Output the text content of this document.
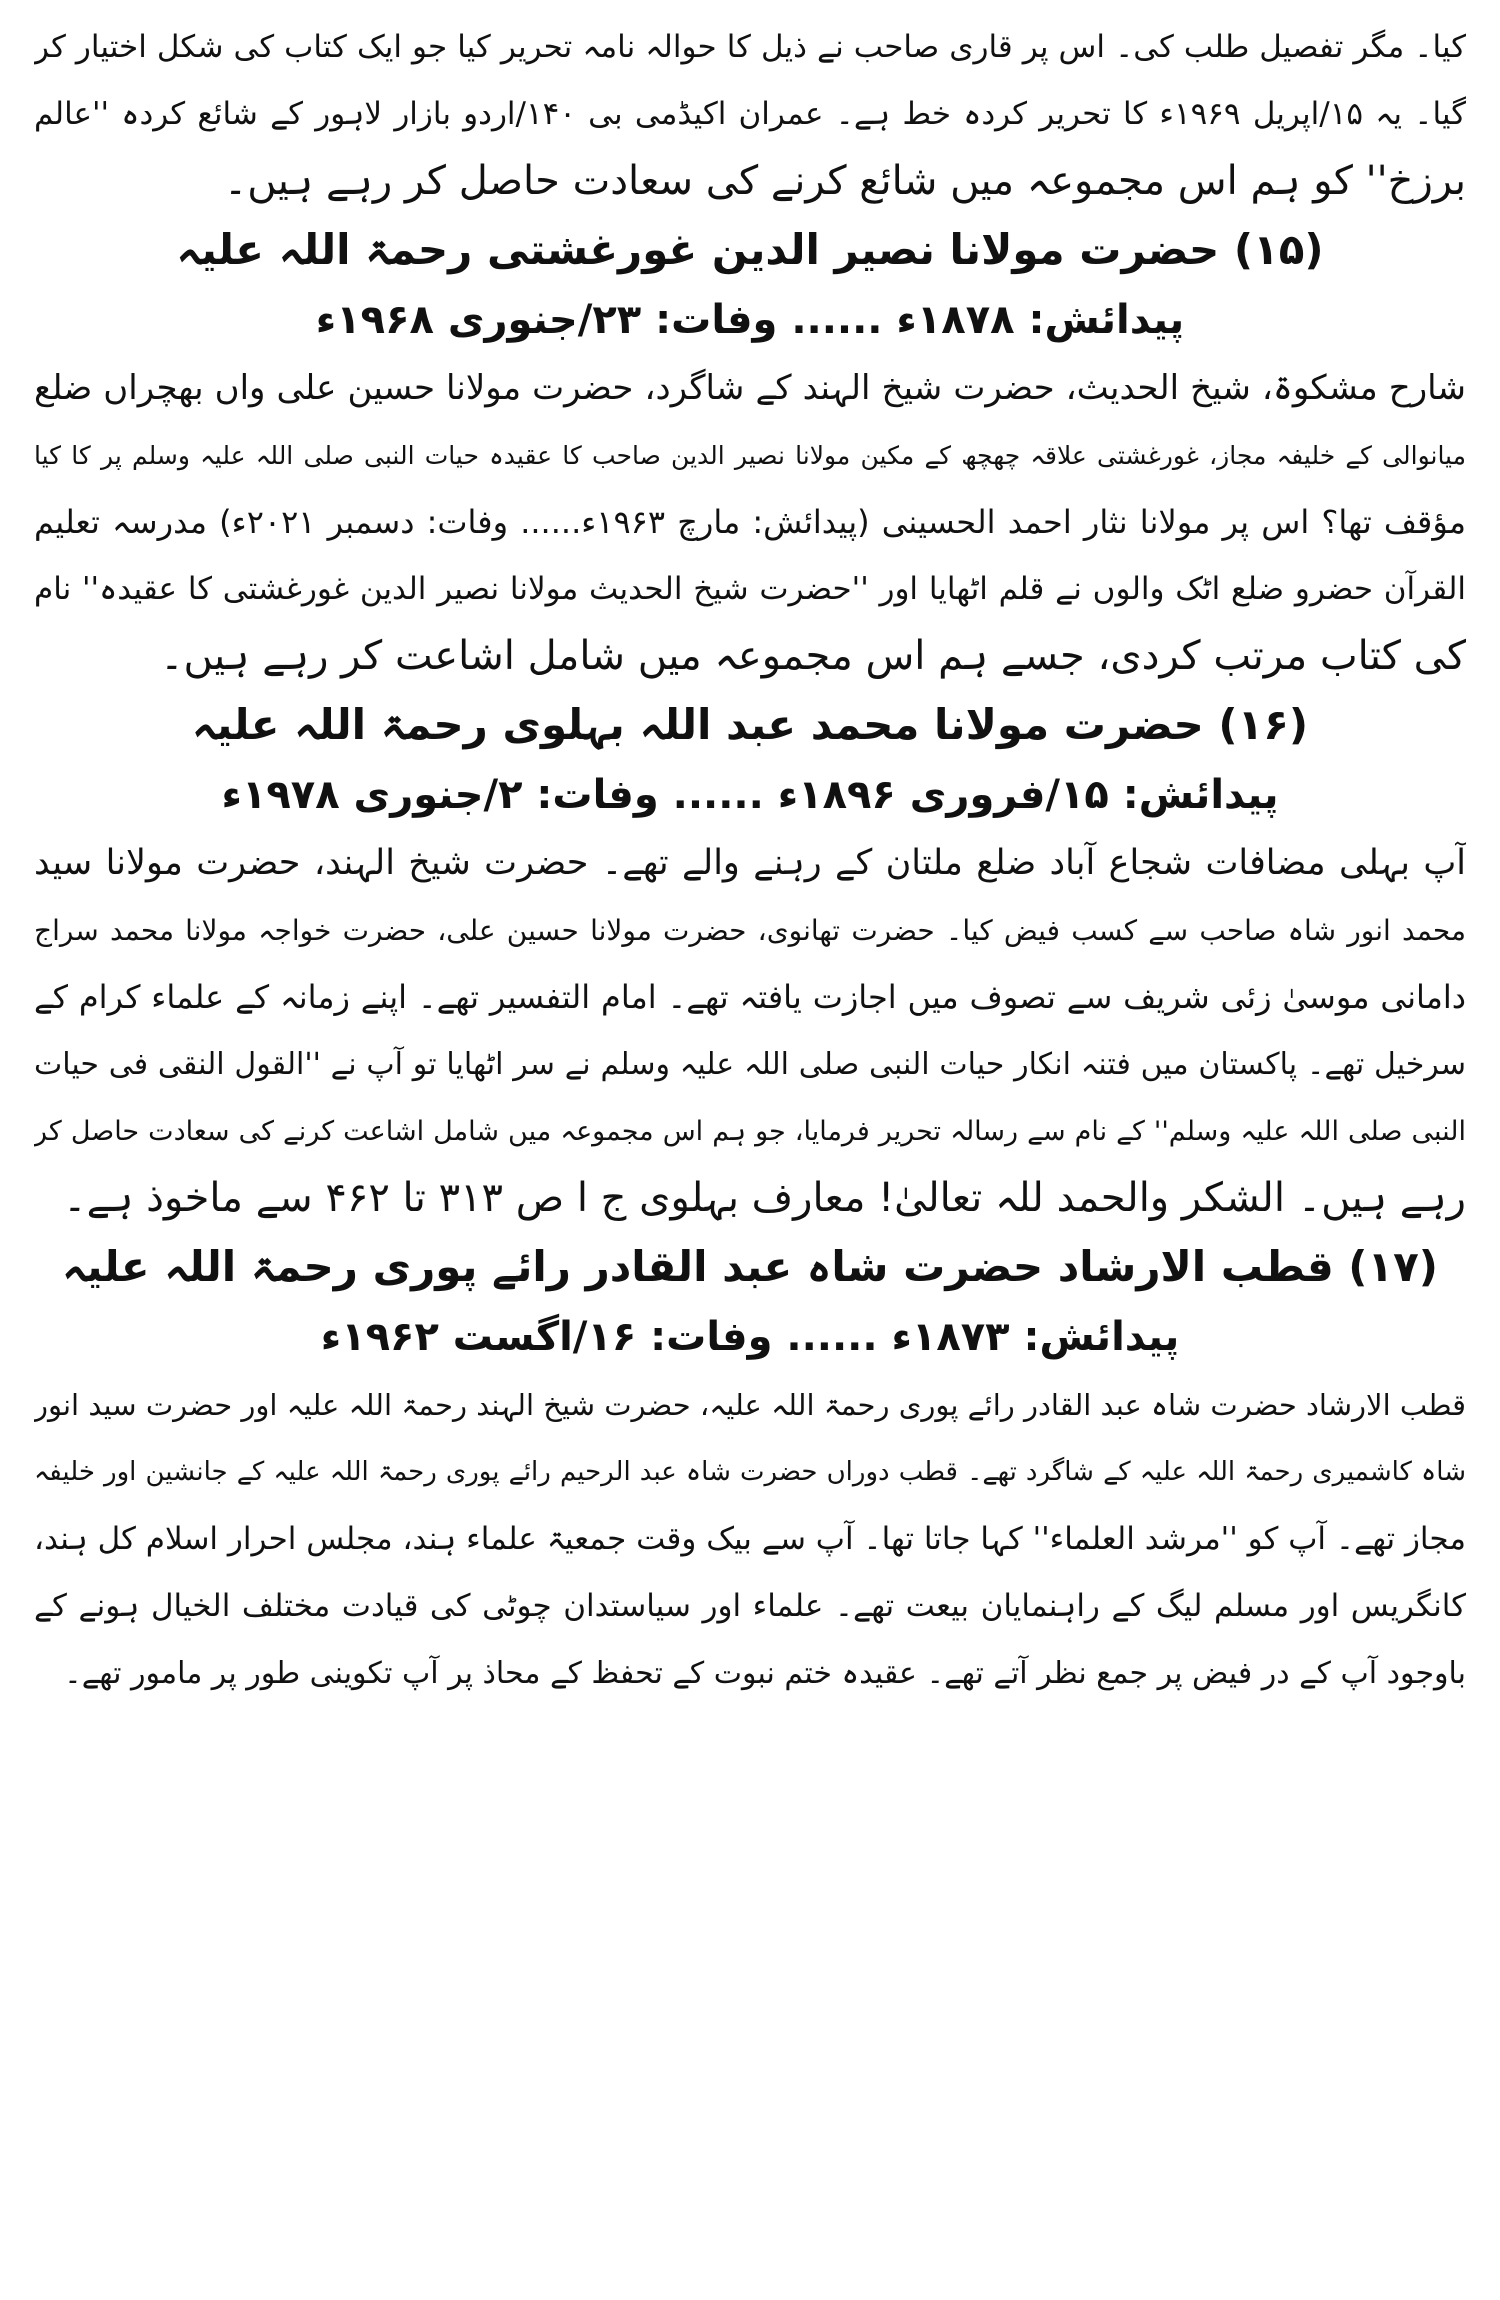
کیا۔ مگر تفصیل طلب کی۔ اس پر قاری صاحب نے ذیل کا حوالہ نامہ تحریر کیا جو ایک کتاب کی شکل اختیار کر

گیا۔ یہ ۱۵/اپریل ۱۹۶۹ء کا تحریر کردہ خط ہے۔ عمران اکیڈمی بی ۱۴۰/اردو بازار لاہور کے شائع کردہ ''عالم

برزخ'' کو ہم اس مجموعہ میں شائع کرنے کی سعادت حاصل کر رہے ہیں۔

(۱۵) حضرت مولانا نصیر الدین غورغشتی رحمۃ اللہ علیہ
پیدائش: ۱۸۷۸ء ...... وفات: ۲۳/جنوری ۱۹۶۸ء

شارح مشکوۃ، شیخ الحدیث، حضرت شیخ الہند کے شاگرد، حضرت مولانا حسین علی واں بھچراں ضلع

میانوالی کے خلیفہ مجاز، غورغشتی علاقہ چھچھ کے مکین مولانا نصیر الدین صاحب کا عقیدہ حیات النبی صلی اللہ علیہ وسلم پر کا کیا

مؤقف تھا؟ اس پر مولانا نثار احمد الحسینی (پیدائش: مارچ ۱۹۶۳ء...... وفات: دسمبر ۲۰۲۱ء) مدرسہ تعلیم

القرآن حضرو ضلع اٹک والوں نے قلم اٹھایا اور ''حضرت شیخ الحدیث مولانا نصیر الدین غورغشتی کا عقیدہ'' نام

کی کتاب مرتب کردی، جسے ہم اس مجموعہ میں شامل اشاعت کر رہے ہیں۔

(۱۶) حضرت مولانا محمد عبد اللہ بہلوی رحمۃ اللہ علیہ
پیدائش: ۱۵/فروری ۱۸۹۶ء ...... وفات: ۲/جنوری ۱۹۷۸ء

آپ بہلی مضافات شجاع آباد ضلع ملتان کے رہنے والے تھے۔ حضرت شیخ الہند، حضرت مولانا سید

محمد انور شاہ صاحب سے کسب فیض کیا۔ حضرت تھانوی، حضرت مولانا حسین علی، حضرت خواجہ مولانا محمد سراج

دامانی موسیٰ زئی شریف سے تصوف میں اجازت یافتہ تھے۔ امام التفسیر تھے۔ اپنے زمانہ کے علماء کرام کے

سرخیل تھے۔ پاکستان میں فتنہ انکار حیات النبی صلی اللہ علیہ وسلم نے سر اٹھایا تو آپ نے ''القول النقی فی حیات

النبی صلی اللہ علیہ وسلم'' کے نام سے رسالہ تحریر فرمایا، جو ہم اس مجموعہ میں شامل اشاعت کرنے کی سعادت حاصل کر

رہے ہیں۔ الشکر والحمد للہ تعالیٰ! معارف بہلوی ج ا ص ۳۱۳ تا ۴۶۲ سے ماخوذ ہے۔

(۱۷) قطب الارشاد حضرت شاہ عبد القادر رائے پوری رحمۃ اللہ علیہ
پیدائش: ۱۸۷۳ء ...... وفات: ۱۶/اگست ۱۹۶۲ء

قطب الارشاد حضرت شاہ عبد القادر رائے پوری رحمۃ اللہ علیہ، حضرت شیخ الہند رحمۃ اللہ علیہ اور حضرت سید انور

شاہ کاشمیری رحمۃ اللہ علیہ کے شاگرد تھے۔ قطب دوراں حضرت شاہ عبد الرحیم رائے پوری رحمۃ اللہ علیہ کے جانشین اور خلیفہ

مجاز تھے۔ آپ کو ''مرشد العلماء'' کہا جاتا تھا۔ آپ سے بیک وقت جمعیۃ علماء ہند، مجلس احرار اسلام کل ہند،

کانگریس اور مسلم لیگ کے راہنمایان بیعت تھے۔ علماء اور سیاستدان چوٹی کی قیادت مختلف الخیال ہونے کے

باوجود آپ کے در فیض پر جمع نظر آتے تھے۔ عقیدہ ختم نبوت کے تحفظ کے محاذ پر آپ تکوینی طور پر مامور تھے۔
